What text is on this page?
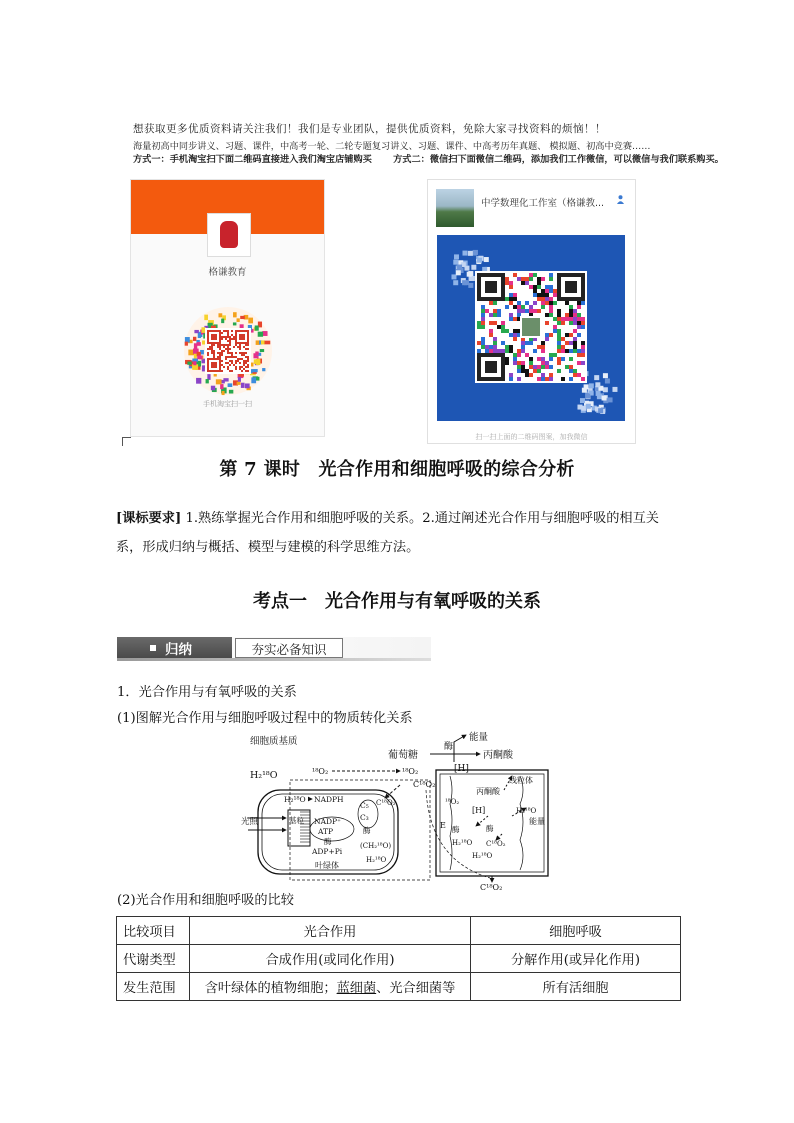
想获取更多优质资料请关注我们！我们是专业团队，提供优质资料，免除大家寻找资料的烦恼！！
海量初高中同步讲义、习题、课件，中高考一轮、二轮专题复习讲义、习题、课件、中高考历年真题、 模拟题、初高中竞赛……
方式一：手机淘宝扫下面二维码直接进入我们淘宝店铺购买 方式二：微信扫下面微信二维码，添加我们工作微信，可以微信与我们联系购买。
格谦教育
手机淘宝扫一扫
中学数理化工作室（格谦教...
扫一扫上面的二维码图案，加我微信
第 7 课时　光合作用和细胞呼吸的综合分析
[课标要求] 1.熟练掌握光合作用和细胞呼吸的关系。2.通过阐述光合作用与细胞呼吸的相互关系，形成归纳与概括、模型与建模的科学思维方法。
考点一　光合作用与有氧呼吸的关系
归纳	夯实必备知识
1．光合作用与有氧呼吸的关系
(1)图解光合作用与细胞呼吸过程中的物质转化关系
细胞质基质
葡萄糖
酶
丙酮酸
能量
[H]
H₂¹⁸O	¹⁸O₂	¹⁸O₂
C¹⁸O₂
叶绿体
光照	基粒
H₂¹⁸O NADPH
NADP⁺
ATP
酶
ADP+Pi
C₅
C₃
C¹⁸O₂
酶
(CH₂¹⁸O)
H₂¹⁸O
线粒体
丙酮酸
[H]
¹⁸O₂
E 酶	酶
H₂¹⁸O
H₂¹⁸O
H₂¹⁸O
C¹⁸O₂
能量
C¹⁸O₂
(2)光合作用和细胞呼吸的比较
比较项目	光合作用	细胞呼吸
代谢类型	合成作用(或同化作用)	分解作用(或异化作用)
发生范围	含叶绿体的植物细胞；蓝细菌、光合细菌等	所有活细胞
